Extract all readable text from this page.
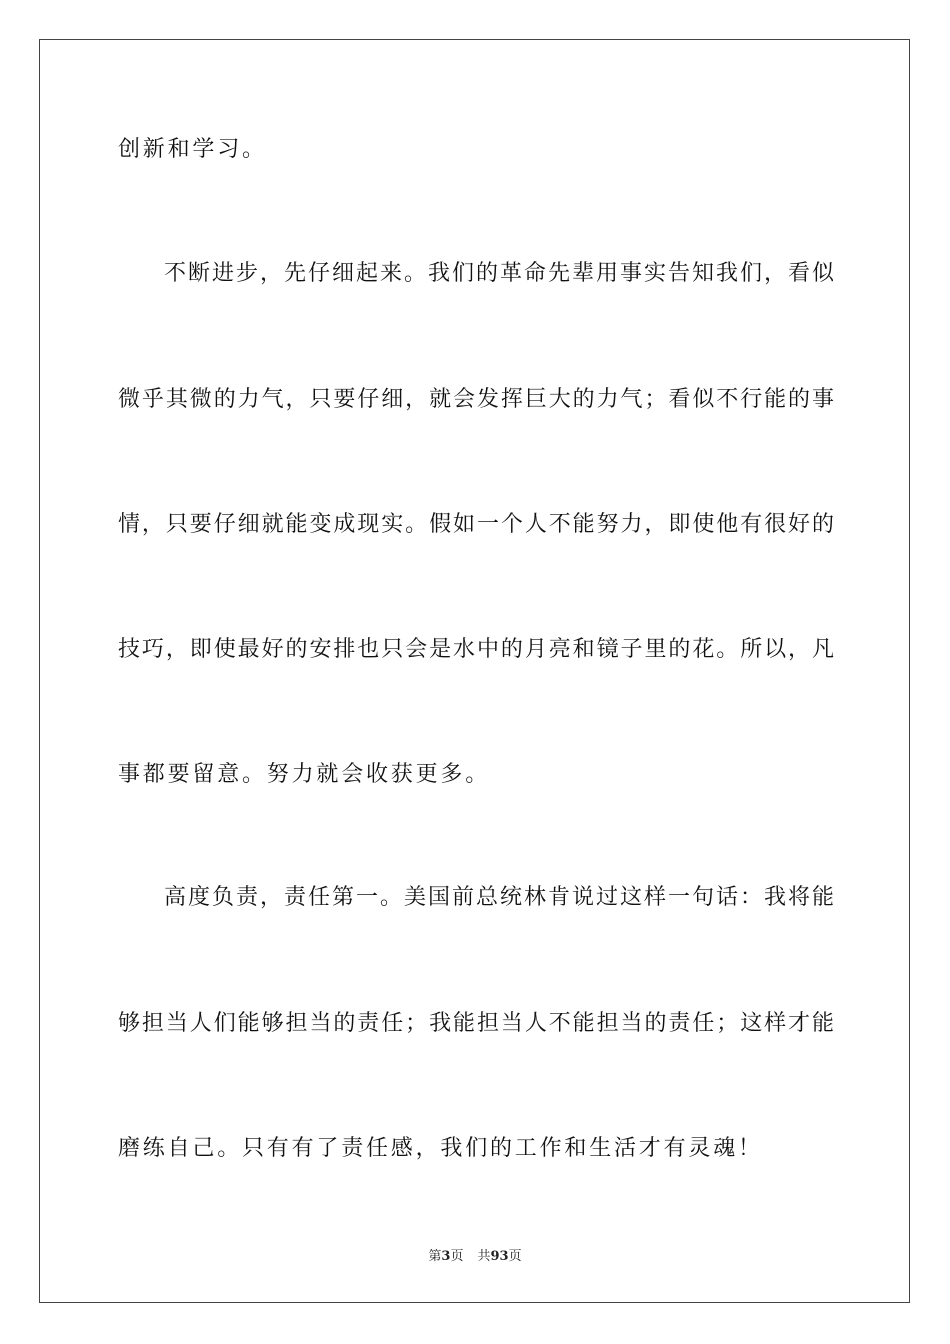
创新和学习。
不断进步，先仔细起来。我们的革命先辈用事实告知我们，看似
微乎其微的力气，只要仔细，就会发挥巨大的力气；看似不行能的事
情，只要仔细就能变成现实。假如一个人不能努力，即使他有很好的
技巧，即使最好的安排也只会是水中的月亮和镜子里的花。所以，凡
事都要留意。努力就会收获更多。
高度负责，责任第一。美国前总统林肯说过这样一句话：我将能
够担当人们能够担当的责任；我能担当人不能担当的责任；这样才能
磨练自己。只有有了责任感，我们的工作和生活才有灵魂！
第3页 共93页
